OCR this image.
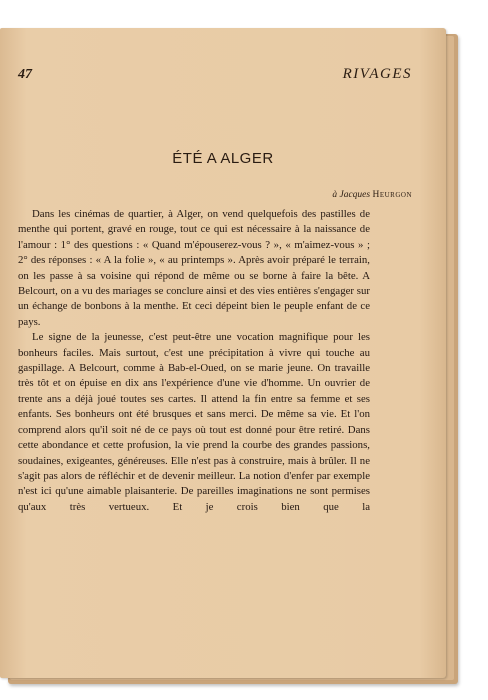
47	RIVAGES
ÉTÉ A ALGER
à Jacques Heurgon

Dans les cinémas de quartier, à Alger, on vend quelquefois des pastilles de menthe qui portent, gravé en rouge, tout ce qui est nécessaire à la naissance de l'amour : 1° des questions : « Quand m'épouserez-vous ? », « m'aimez-vous » ; 2° des réponses : « A la folie », « au printemps ». Après avoir préparé le terrain, on les passe à sa voisine qui répond de même ou se borne à faire la bête. A Belcourt, on a vu des mariages se conclure ainsi et des vies entières s'engager sur un échange de bonbons à la menthe. Et ceci dépeint bien le peuple enfant de ce pays.

Le signe de la jeunesse, c'est peut-être une vocation magnifique pour les bonheurs faciles. Mais surtout, c'est une précipitation à vivre qui touche au gaspillage. A Belcourt, comme à Bab-el-Oued, on se marie jeune. On travaille très tôt et on épuise en dix ans l'expérience d'une vie d'homme. Un ouvrier de trente ans a déjà joué toutes ses cartes. Il attend la fin entre sa femme et ses enfants. Ses bonheurs ont été brusques et sans merci. De même sa vie. Et l'on comprend alors qu'il soit né de ce pays où tout est donné pour être retiré. Dans cette abondance et cette profusion, la vie prend la courbe des grandes passions, soudaines, exigeantes, généreuses. Elle n'est pas à construire, mais à brûler. Il ne s'agit pas alors de réfléchir et de devenir meilleur. La notion d'enfer par exemple n'est ici qu'une aimable plaisanterie. De pareilles imaginations ne sont permises qu'aux très vertueux. Et je crois bien que la
